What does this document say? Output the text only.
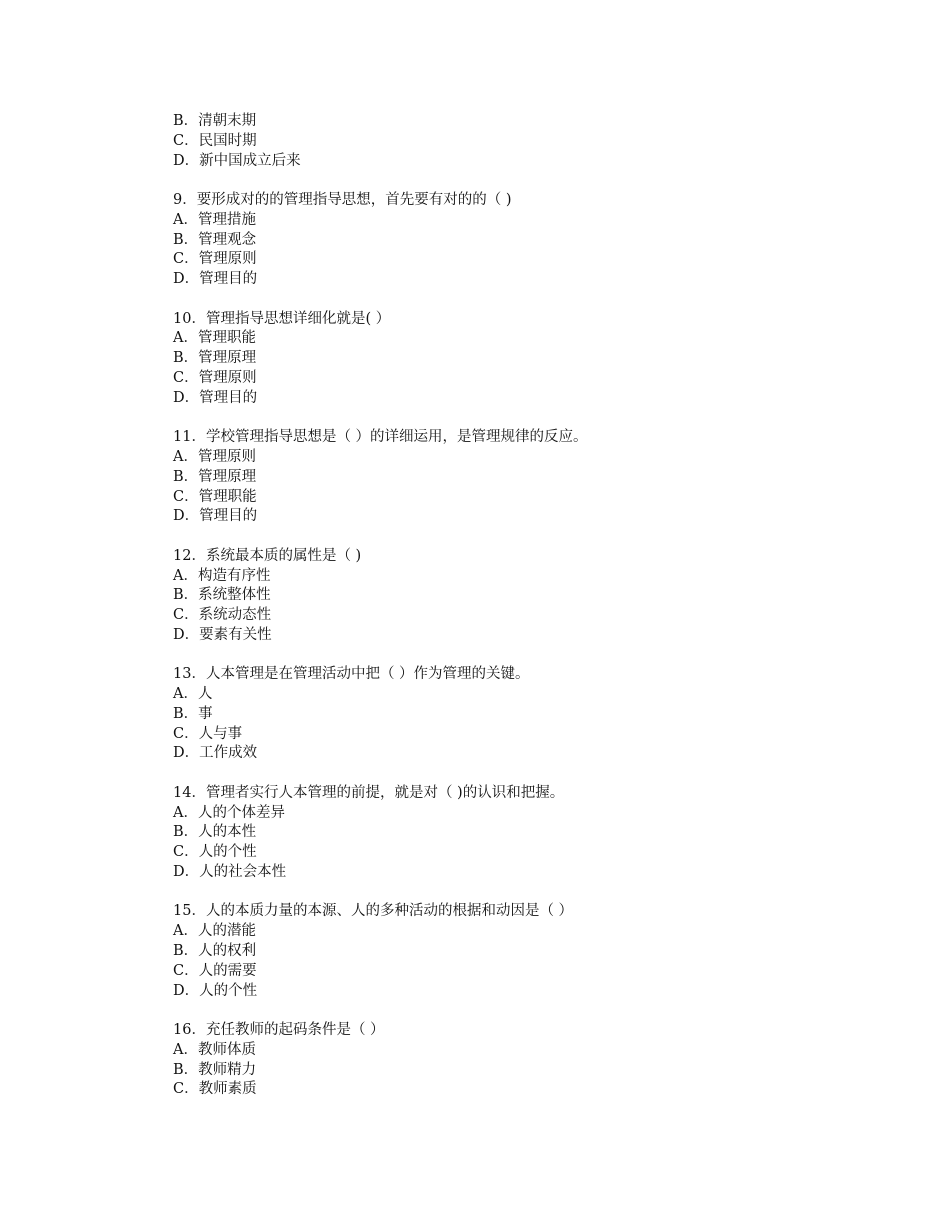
B．清朝末期
C．民国时期
D．新中国成立后来
9．要形成对的的管理指导思想，首先要有对的的（ )
A．管理措施
B．管理观念
C．管理原则
D．管理目的
10．管理指导思想详细化就是( ）
A．管理职能
B．管理原理
C．管理原则
D．管理目的
11．学校管理指导思想是（ ）的详细运用，是管理规律的反应。
A．管理原则
B．管理原理
C．管理职能
D．管理目的
12．系统最本质的属性是（ )
A．构造有序性
B．系统整体性
C．系统动态性
D．要素有关性
13．人本管理是在管理活动中把（ ）作为管理的关键。
A．人
B．事
C．人与事
D．工作成效
14．管理者实行人本管理的前提，就是对（ )的认识和把握。
A．人的个体差异
B．人的本性
C．人的个性
D．人的社会本性
15．人的本质力量的本源、人的多种活动的根据和动因是（ ）
A．人的潜能
B．人的权利
C．人的需要
D．人的个性
16．充任教师的起码条件是（ ）
A．教师体质
B．教师精力
C．教师素质
